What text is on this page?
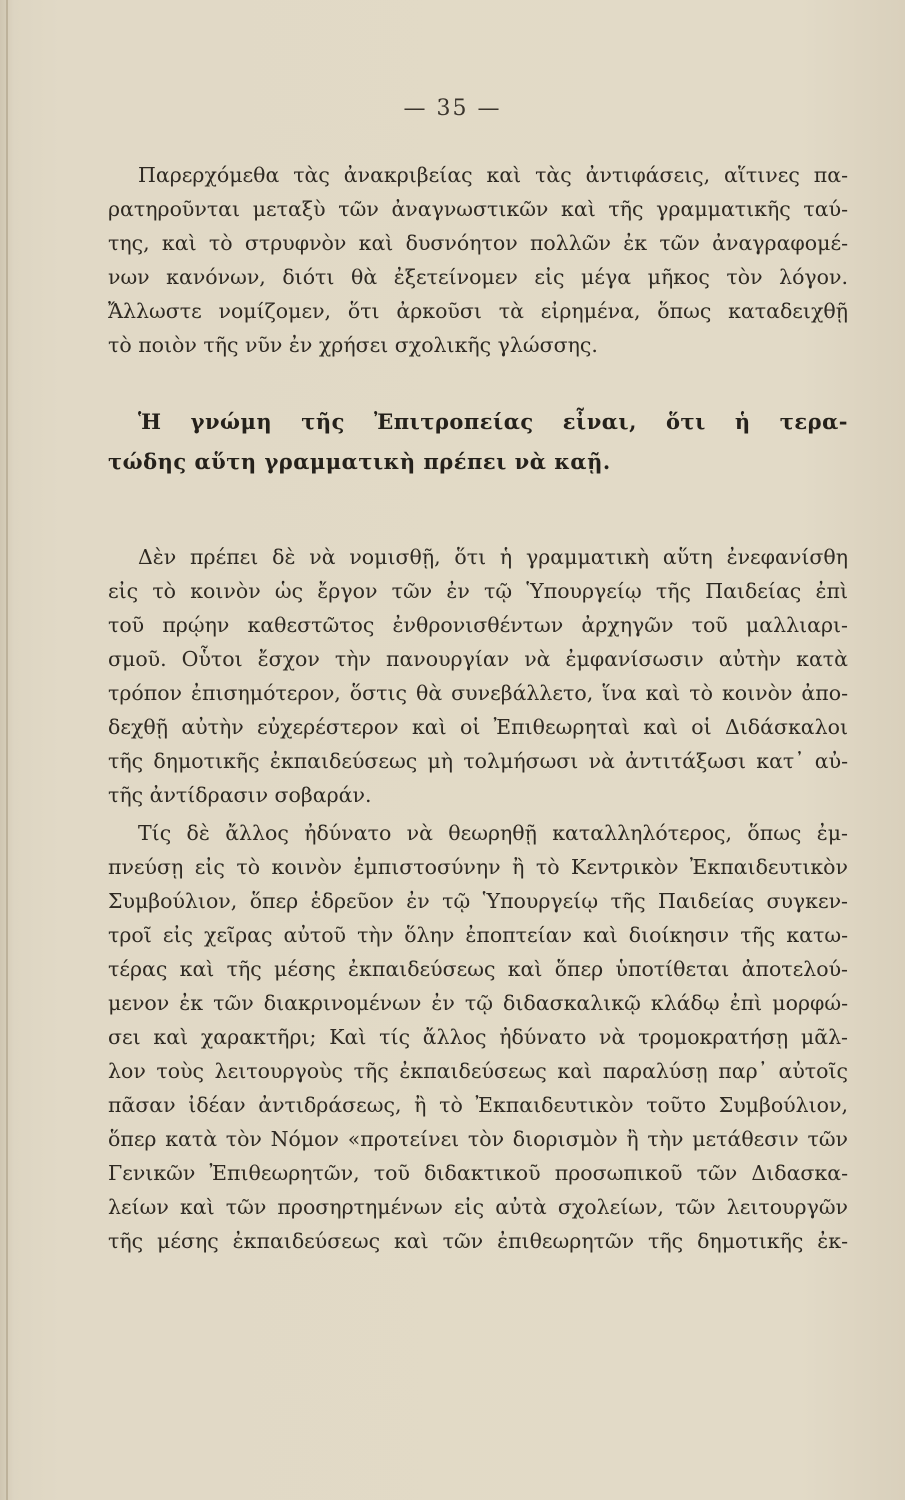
— 35 —
Παρερχόμεθα τὰς ἀνακριβείας καὶ τὰς ἀντιφάσεις, αἵτινες πα-
ρατηροῦνται μεταξὺ τῶν ἀναγνωστικῶν καὶ τῆς γραμματικῆς ταύ-
της, καὶ τὸ στρυφνὸν καὶ δυσνόητον πολλῶν ἐκ τῶν ἀναγραφομέ-
νων κανόνων, διότι θὰ ἐξετείνομεν εἰς μέγα μῆκος τὸν λόγον.
Ἄλλωστε νομίζομεν, ὅτι ἀρκοῦσι τὰ εἰρημένα, ὅπως καταδειχθῇ
τὸ ποιὸν τῆς νῦν ἐν χρήσει σχολικῆς γλώσσης.
Ἡ γνώμη τῆς Ἐπιτροπείας εἶναι, ὅτι ἡ τερα-
τώδης αὕτη γραμματικὴ πρέπει νὰ καῇ.
Δὲν πρέπει δὲ νὰ νομισθῇ, ὅτι ἡ γραμματικὴ αὕτη ἐνεφανίσθη
εἰς τὸ κοινὸν ὡς ἔργον τῶν ἐν τῷ Ὑπουργείῳ τῆς Παιδείας ἐπὶ
τοῦ πρῴην καθεστῶτος ἐνθρονισθέντων ἀρχηγῶν τοῦ μαλλιαρι-
σμοῦ. Οὗτοι ἔσχον τὴν πανουργίαν νὰ ἐμφανίσωσιν αὐτὴν κατὰ
τρόπον ἐπισημότερον, ὅστις θὰ συνεβάλλετο, ἵνα καὶ τὸ κοινὸν ἀπο-
δεχθῇ αὐτὴν εὐχερέστερον καὶ οἱ Ἐπιθεωρηταὶ καὶ οἱ Διδάσκαλοι
τῆς δημοτικῆς ἐκπαιδεύσεως μὴ τολμήσωσι νὰ ἀντιτάξωσι κατ᾽ αὐ-
τῆς ἀντίδρασιν σοβαράν.
Τίς δὲ ἄλλος ἠδύνατο νὰ θεωρηθῇ καταλληλότερος, ὅπως ἐμ-
πνεύσῃ εἰς τὸ κοινὸν ἐμπιστοσύνην ἢ τὸ Κεντρικὸν Ἐκπαιδευτικὸν
Συμβούλιον, ὅπερ ἑδρεῦον ἐν τῷ Ὑπουργείῳ τῆς Παιδείας συγκεν-
τροῖ εἰς χεῖρας αὐτοῦ τὴν ὅλην ἐποπτείαν καὶ διοίκησιν τῆς κατω-
τέρας καὶ τῆς μέσης ἐκπαιδεύσεως καὶ ὅπερ ὑποτίθεται ἀποτελού-
μενον ἐκ τῶν διακρινομένων ἐν τῷ διδασκαλικῷ κλάδῳ ἐπὶ μορφώ-
σει καὶ χαρακτῆρι; Καὶ τίς ἄλλος ἠδύνατο νὰ τρομοκρατήσῃ μᾶλ-
λον τοὺς λειτουργοὺς τῆς ἐκπαιδεύσεως καὶ παραλύσῃ παρ᾽ αὐτοῖς
πᾶσαν ἰδέαν ἀντιδράσεως, ἢ τὸ Ἐκπαιδευτικὸν τοῦτο Συμβούλιον,
ὅπερ κατὰ τὸν Νόμον «προτείνει τὸν διορισμὸν ἢ τὴν μετάθεσιν τῶν
Γενικῶν Ἐπιθεωρητῶν, τοῦ διδακτικοῦ προσωπικοῦ τῶν Διδασκα-
λείων καὶ τῶν προσηρτημένων εἰς αὐτὰ σχολείων, τῶν λειτουργῶν
τῆς μέσης ἐκπαιδεύσεως καὶ τῶν ἐπιθεωρητῶν τῆς δημοτικῆς ἐκ-
